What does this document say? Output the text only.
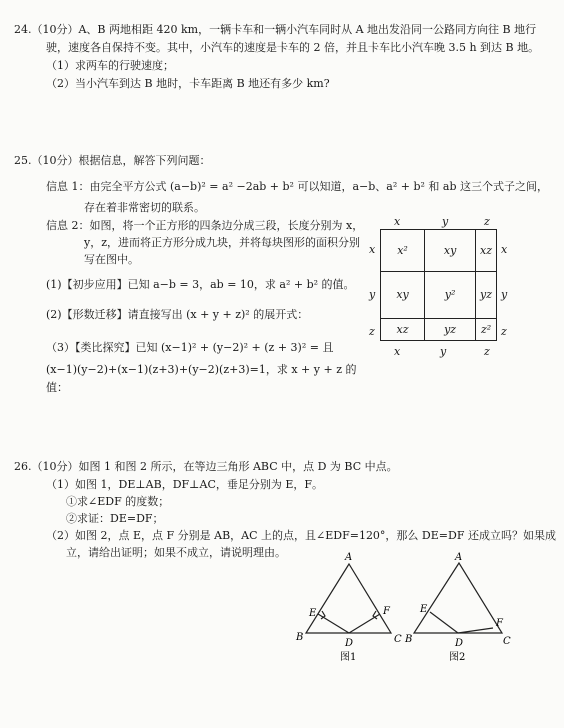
24.（10分）A、B 两地相距 420 km，一辆卡车和一辆小汽车同时从 A 地出发沿同一公路同方向往 B 地行
驶，速度各自保持不变。其中，小汽车的速度是卡车的 2 倍，并且卡车比小汽车晚 3.5 h 到达 B 地。
（1）求两车的行驶速度；
（2）当小汽车到达 B 地时，卡车距离 B 地还有多少 km?
25.（10分）根据信息，解答下列问题：
信息 1：由完全平方公式 (a−b)² = a² −2ab + b² 可以知道，a−b、a² + b² 和 ab 这三个式子之间，
存在着非常密切的联系。
信息 2：如图，将一个正方形的四条边分成三段，长度分别为 x，
y，z，进而将正方形分成九块，并将每块图形的面积分别
写在图中。
(1)【初步应用】已知 a−b = 3，ab = 10，求 a² + b² 的值。
(2)【形数迁移】请直接写出 (x + y + z)² 的展开式：
（3）【类比探究】已知 (x−1)² + (y−2)² + (z + 3)² = 且
(x−1)(y−2)+(x−1)(z+3)+(y−2)(z+3)=1，求 x + y + z 的
值：
x	y	z
x	y	z
x
y
z
x
y
z
x²	xy	xz
xy	y²	yz
xz	yz	z²
26.（10分）如图 1 和图 2 所示，在等边三角形 ABC 中，点 D 为 BC 中点。
（1）如图 1，DE⊥AB，DF⊥AC，垂足分别为 E，F。
①求∠EDF 的度数；
②求证：DE=DF；
（2）如图 2，点 E，点 F 分别是 AB，AC 上的点，且∠EDF=120°，那么 DE=DF 还成立吗？如果成
立，请给出证明；如果不成立，请说明理由。	A
B	C
D
E	F
图1
A
B	C
D
E
F
图2
